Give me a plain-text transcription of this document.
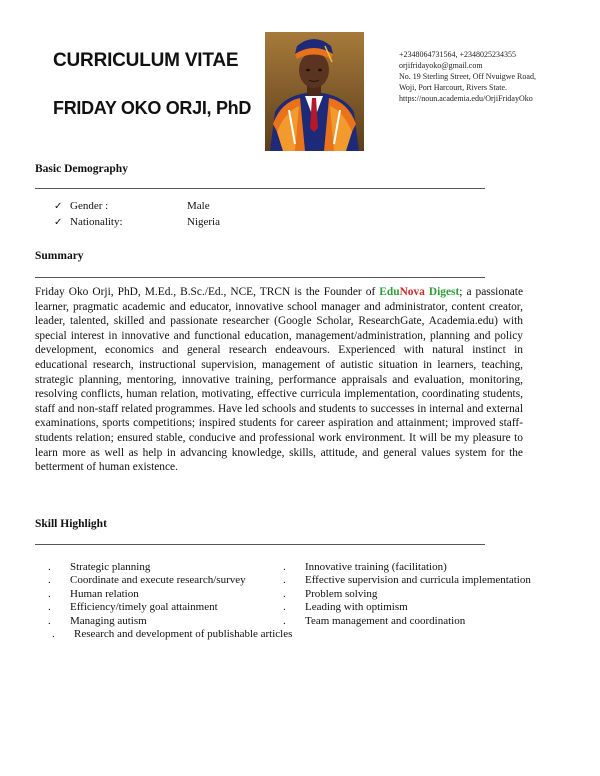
CURRICULUM VITAE
FRIDAY OKO ORJI, PhD
+2348064731564, +2348025234355
orjifridayoko@gmail.com
No. 19 Sterling Street, Off Nvuigwe Road,
Woji, Port Harcourt, Rivers State.
https://noun.academia.edu/OrjiFridayOko
Basic Demography
✓ Gender :	Male
✓ Nationality:	Nigeria
Summary

Friday Oko Orji, PhD, M.Ed., B.Sc./Ed., NCE, TRCN is the Founder of EduNova Digest; a passionate learner, pragmatic academic and educator, innovative school manager and administrator, content creator, leader, talented, skilled and passionate researcher (Google Scholar, ResearchGate, Academia.edu) with special interest in innovative and functional education, management/administration, planning and policy development, economics and general research endeavours. Experienced with natural instinct in educational research, instructional supervision, management of autistic situation in learners, teaching, strategic planning, mentoring, innovative training, performance appraisals and evaluation, monitoring, resolving conflicts, human relation, motivating, effective curricula implementation, coordinating students, staff and non-staff related programmes. Have led schools and students to successes in internal and external examinations, sports competitions; inspired students for career aspiration and attainment; improved staff-students relation; ensured stable, conducive and professional work environment. It will be my pleasure to learn more as well as help in advancing knowledge, skills, attitude, and general values system for the betterment of human existence.

Skill Highlight
.	Strategic planning	.	Innovative training (facilitation)
.	Coordinate and execute research/survey	.	Effective supervision and curricula implementation
.	Human relation	.	Problem solving
.	Efficiency/timely goal attainment	.	Leading with optimism
.	Managing autism	.	Team management and coordination
.	Research and development of publishable articles
